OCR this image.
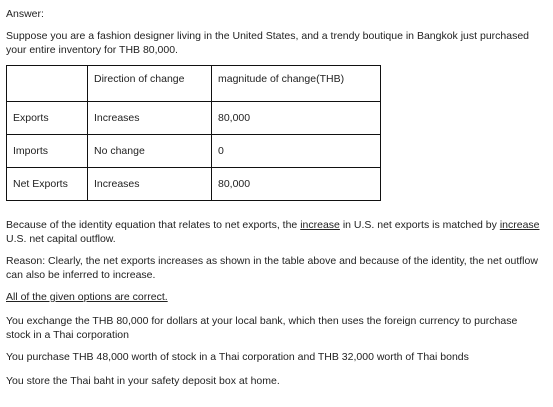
Answer:
Suppose you are a fashion designer living in the United States, and a trendy boutique in Bangkok just purchased your entire inventory for THB 80,000.
	Direction of change	magnitude of change(THB)
Exports	Increases	80,000
Imports	No change	0
Net Exports	Increases	80,000
Because of the identity equation that relates to net exports, the increase in U.S. net exports is matched by increase U.S. net capital outflow.
Reason: Clearly, the net exports increases as shown in the table above and because of the identity, the net outflow can also be inferred to increase.
All of the given options are correct.
You exchange the THB 80,000 for dollars at your local bank, which then uses the foreign currency to purchase stock in a Thai corporation
You purchase THB 48,000 worth of stock in a Thai corporation and THB 32,000 worth of Thai bonds
You store the Thai baht in your safety deposit box at home.
